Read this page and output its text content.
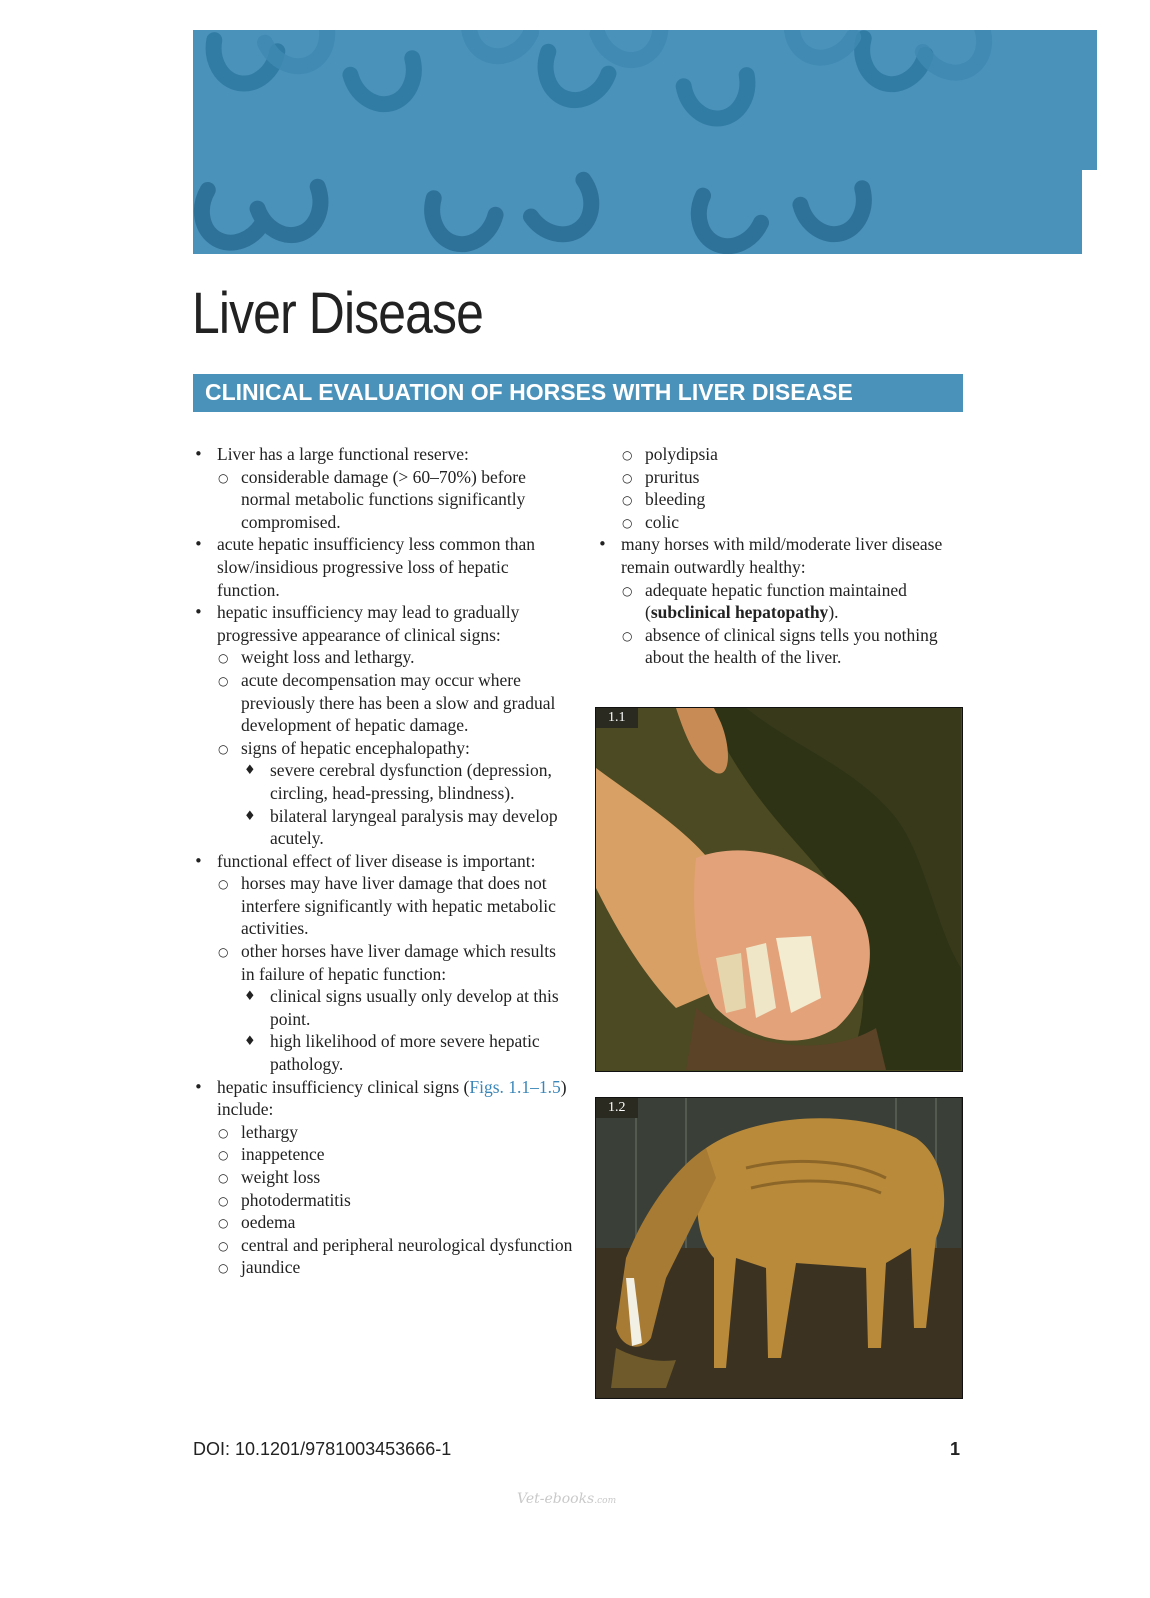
Liver Disease
CLINICAL EVALUATION OF HORSES WITH LIVER DISEASE
• Liver has a large functional reserve:
○ considerable damage (> 60–70%) before normal metabolic functions significantly compromised.
• acute hepatic insufficiency less common than slow/insidious progressive loss of hepatic function.
• hepatic insufficiency may lead to gradually progressive appearance of clinical signs:
○ weight loss and lethargy.
○ acute decompensation may occur where previously there has been a slow and gradual development of hepatic damage.
○ signs of hepatic encephalopathy:
♦ severe cerebral dysfunction (depression, circling, head-pressing, blindness).
♦ bilateral laryngeal paralysis may develop acutely.
• functional effect of liver disease is important:
○ horses may have liver damage that does not interfere significantly with hepatic metabolic activities.
○ other horses have liver damage which results in failure of hepatic function:
♦ clinical signs usually only develop at this point.
♦ high likelihood of more severe hepatic pathology.
• hepatic insufficiency clinical signs (Figs. 1.1–1.5) include:
○ lethargy
○ inappetence
○ weight loss
○ photodermatitis
○ oedema
○ central and peripheral neurological dysfunction
○ jaundice
○ polydipsia
○ pruritus
○ bleeding
○ colic
• many horses with mild/moderate liver disease remain outwardly healthy:
○ adequate hepatic function maintained (subclinical hepatopathy).
○ absence of clinical signs tells you nothing about the health of the liver.
1.1
1.2
DOI: 10.1201/9781003453666-1	1
Vet-ebooks.com
